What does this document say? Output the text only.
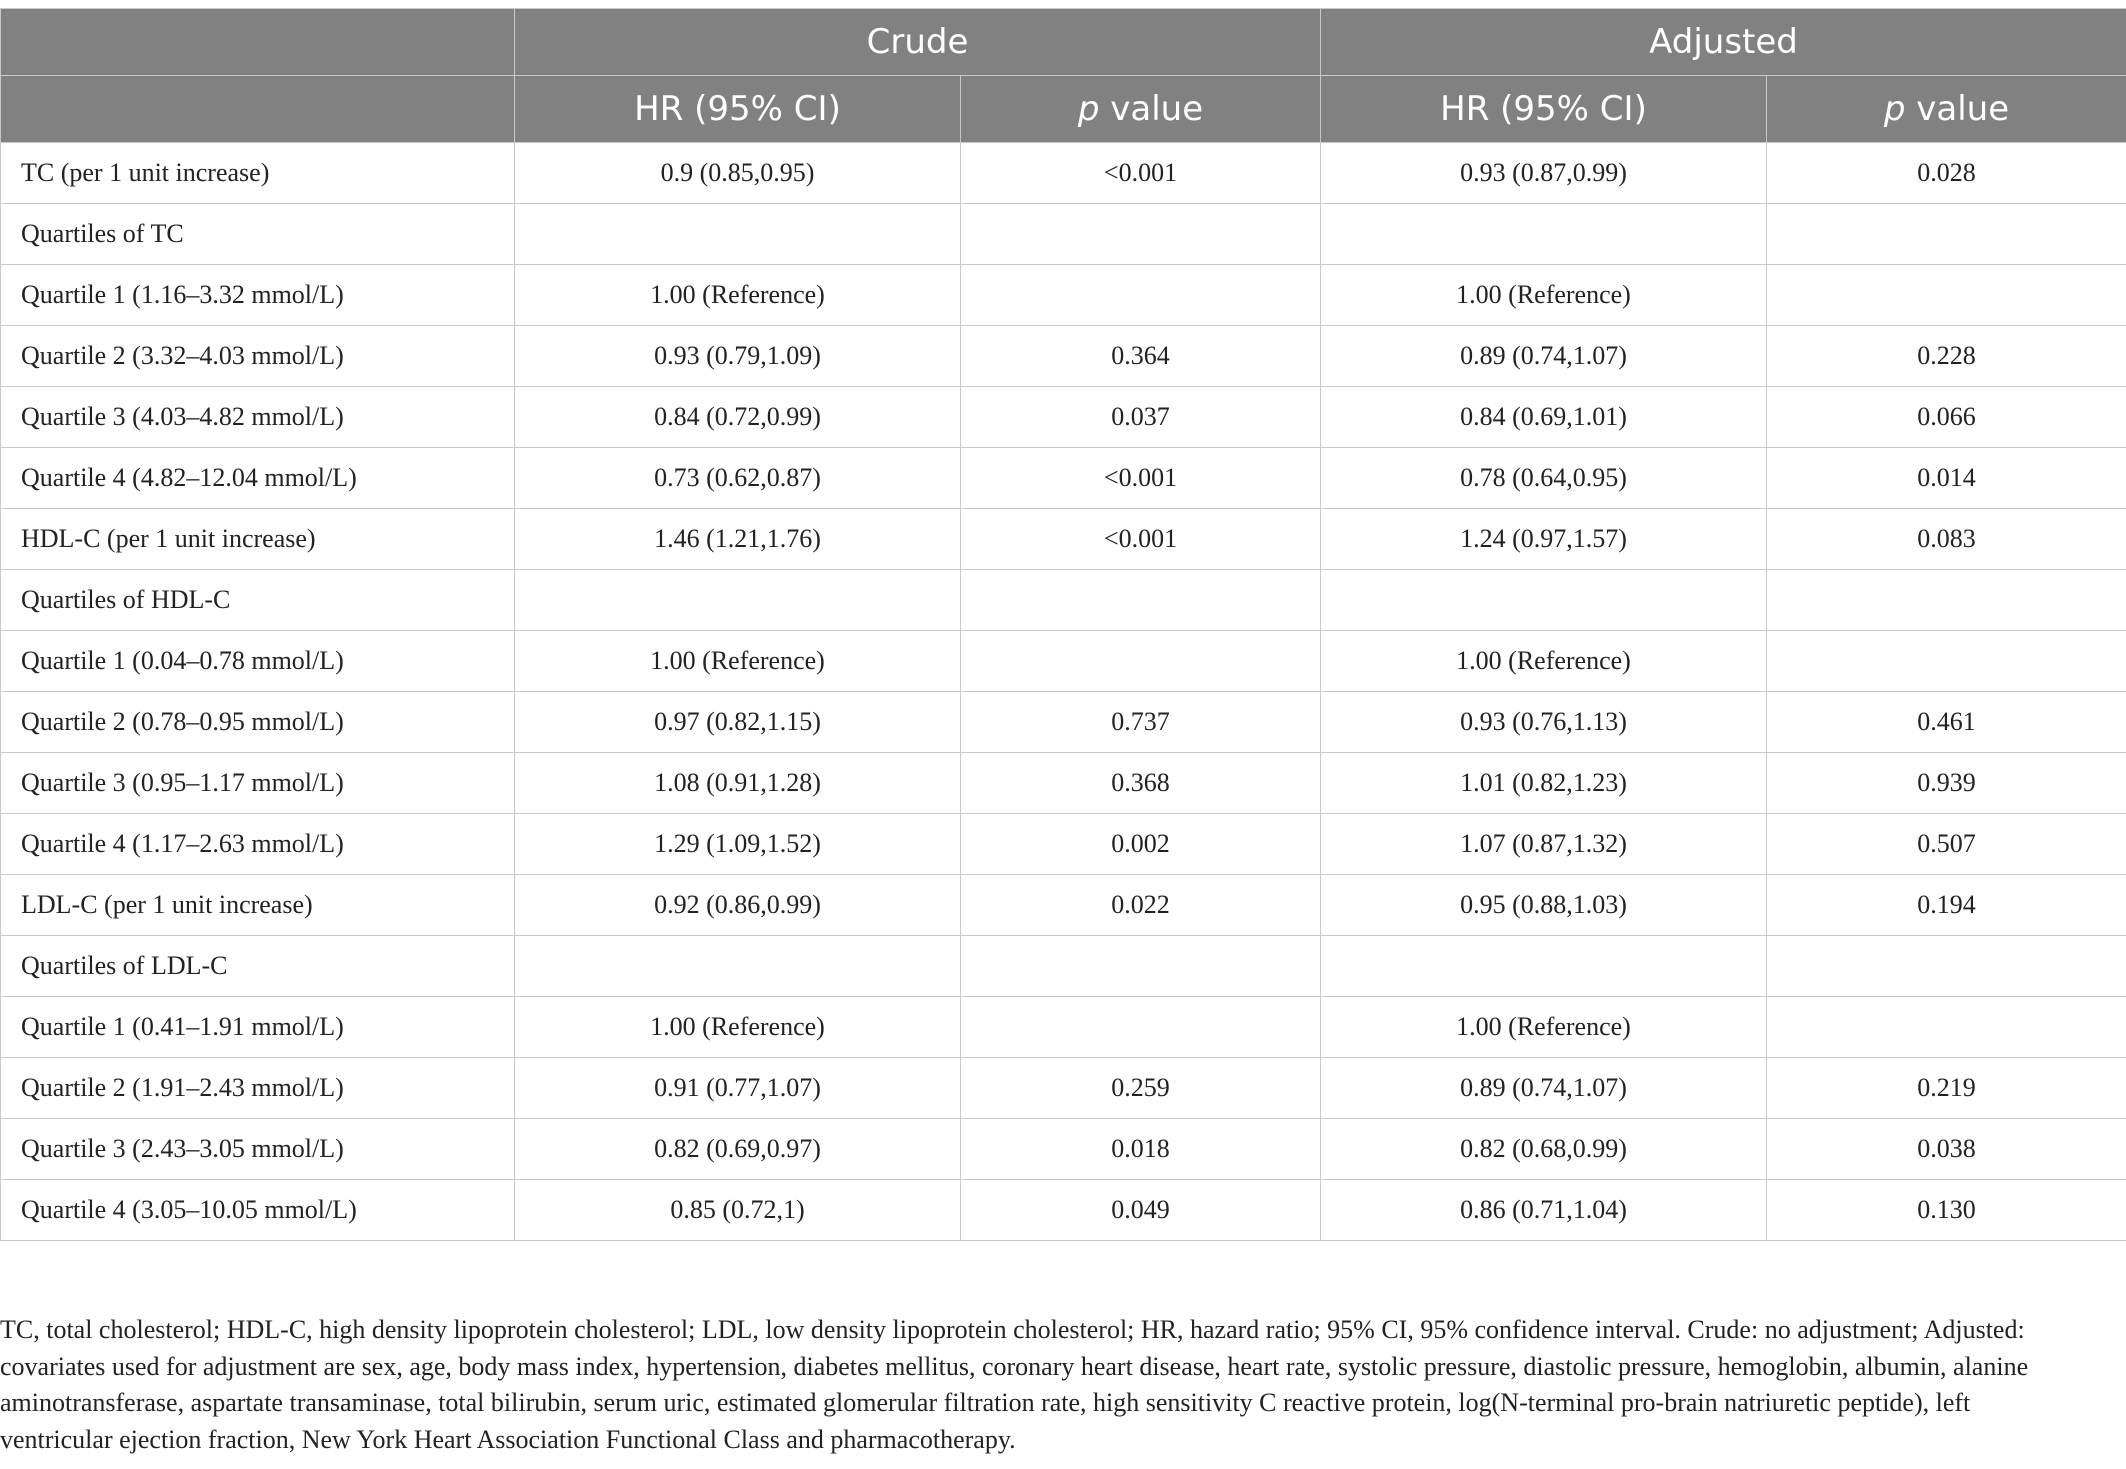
	Crude		Adjusted	
	HR (95% CI)	p value	HR (95% CI)	p value
TC (per 1 unit increase)	0.9 (0.85,0.95)	<0.001	0.93 (0.87,0.99)	0.028
Quartiles of TC				
Quartile 1 (1.16–3.32 mmol/L)	1.00 (Reference)		1.00 (Reference)	
Quartile 2 (3.32–4.03 mmol/L)	0.93 (0.79,1.09)	0.364	0.89 (0.74,1.07)	0.228
Quartile 3 (4.03–4.82 mmol/L)	0.84 (0.72,0.99)	0.037	0.84 (0.69,1.01)	0.066
Quartile 4 (4.82–12.04 mmol/L)	0.73 (0.62,0.87)	<0.001	0.78 (0.64,0.95)	0.014
HDL-C (per 1 unit increase)	1.46 (1.21,1.76)	<0.001	1.24 (0.97,1.57)	0.083
Quartiles of HDL-C				
Quartile 1 (0.04–0.78 mmol/L)	1.00 (Reference)		1.00 (Reference)	
Quartile 2 (0.78–0.95 mmol/L)	0.97 (0.82,1.15)	0.737	0.93 (0.76,1.13)	0.461
Quartile 3 (0.95–1.17 mmol/L)	1.08 (0.91,1.28)	0.368	1.01 (0.82,1.23)	0.939
Quartile 4 (1.17–2.63 mmol/L)	1.29 (1.09,1.52)	0.002	1.07 (0.87,1.32)	0.507
LDL-C (per 1 unit increase)	0.92 (0.86,0.99)	0.022	0.95 (0.88,1.03)	0.194
Quartiles of LDL-C				
Quartile 1 (0.41–1.91 mmol/L)	1.00 (Reference)		1.00 (Reference)	
Quartile 2 (1.91–2.43 mmol/L)	0.91 (0.77,1.07)	0.259	0.89 (0.74,1.07)	0.219
Quartile 3 (2.43–3.05 mmol/L)	0.82 (0.69,0.97)	0.018	0.82 (0.68,0.99)	0.038
Quartile 4 (3.05–10.05 mmol/L)	0.85 (0.72,1)	0.049	0.86 (0.71,1.04)	0.130

TC, total cholesterol; HDL-C, high density lipoprotein cholesterol; LDL, low density lipoprotein cholesterol; HR, hazard ratio; 95% CI, 95% confidence interval. Crude: no adjustment; Adjusted: covariates used for adjustment are sex, age, body mass index, hypertension, diabetes mellitus, coronary heart disease, heart rate, systolic pressure, diastolic pressure, hemoglobin, albumin, alanine aminotransferase, aspartate transaminase, total bilirubin, serum uric, estimated glomerular filtration rate, high sensitivity C reactive protein, log(N-terminal pro-brain natriuretic peptide), left ventricular ejection fraction, New York Heart Association Functional Class and pharmacotherapy.
